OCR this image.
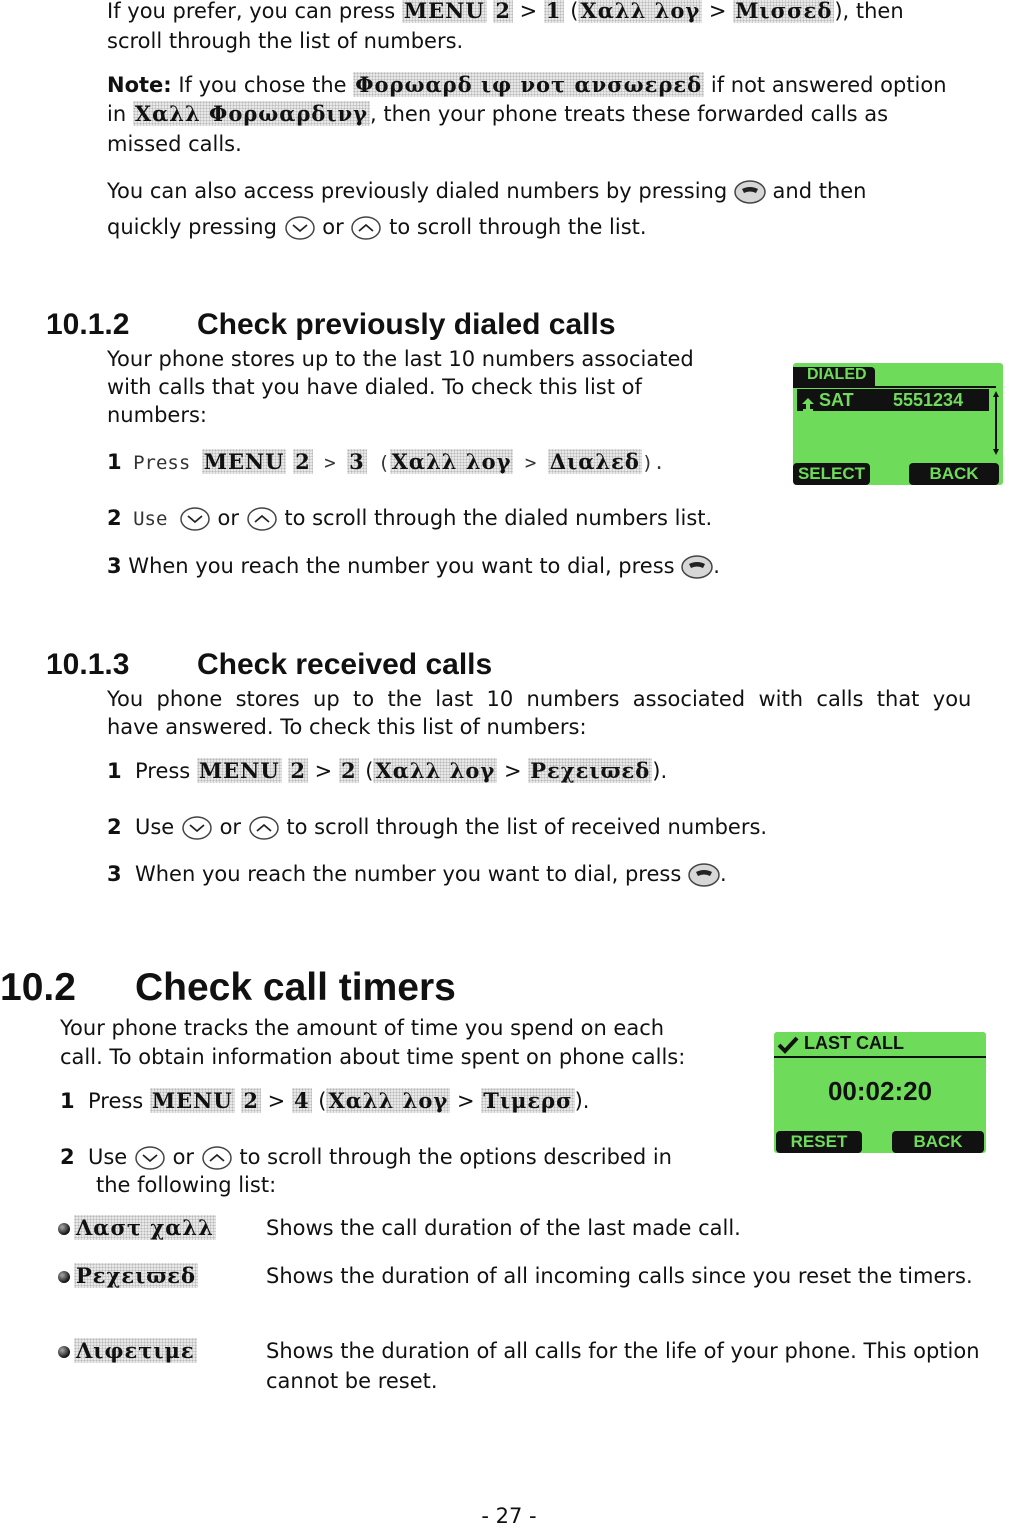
If you prefer, you can press MENU 2 > 1 (Χαλλ λογ > Μισσεδ), then
scroll through the list of numbers.
Note: If you chose the Φορωαρδ ιφ νοτ ανσωερεδ if not answered option
in Χαλλ Φορωαρδινγ, then your phone treats these forwarded calls as
missed calls.
You can also access previously dialed numbers by pressing
and then
quickly pressing
or
to scroll through the list.
10.1.2 Check previously dialed calls
Your phone stores up to the last 10 numbers associated
with calls that you have dialed. To check this list of
numbers:
1 Press MENU 2 > 3 (Χαλλ λογ > Διαλεδ ).
2 Use
or
to scroll through the dialed numbers list.
3 When you reach the number you want to dial, press
.
DIALED
SAT 5551234
SELECT	BACK
10.1.3 Check received calls
You  phone  stores  up  to  the  last  10  numbers  associated  with  calls  that  you
have answered. To check this list of numbers:
1  Press MENU 2 > 2 (Χαλλ λογ > Ρεχειϖεδ).
2  Use
or
to scroll through the list of received numbers.
3  When you reach the number you want to dial, press
.
10.2 Check call timers
Your phone tracks the amount of time you spend on each
call. To obtain information about time spent on phone calls:
1  Press MENU 2 > 4 (Χαλλ λογ > Τιμερσ).
2  Use
or
to scroll through the options described in
the following list:
LAST CALL
00:02:20
RESET	BACK
Λαστ χαλλ Shows the call duration of the last made call.
Ρεχειϖεδ	Shows the duration of all incoming calls since you reset the timers.
Λιφετιμε	Shows the duration of all calls for the life of your phone. This option cannot be reset.
- 27 -
